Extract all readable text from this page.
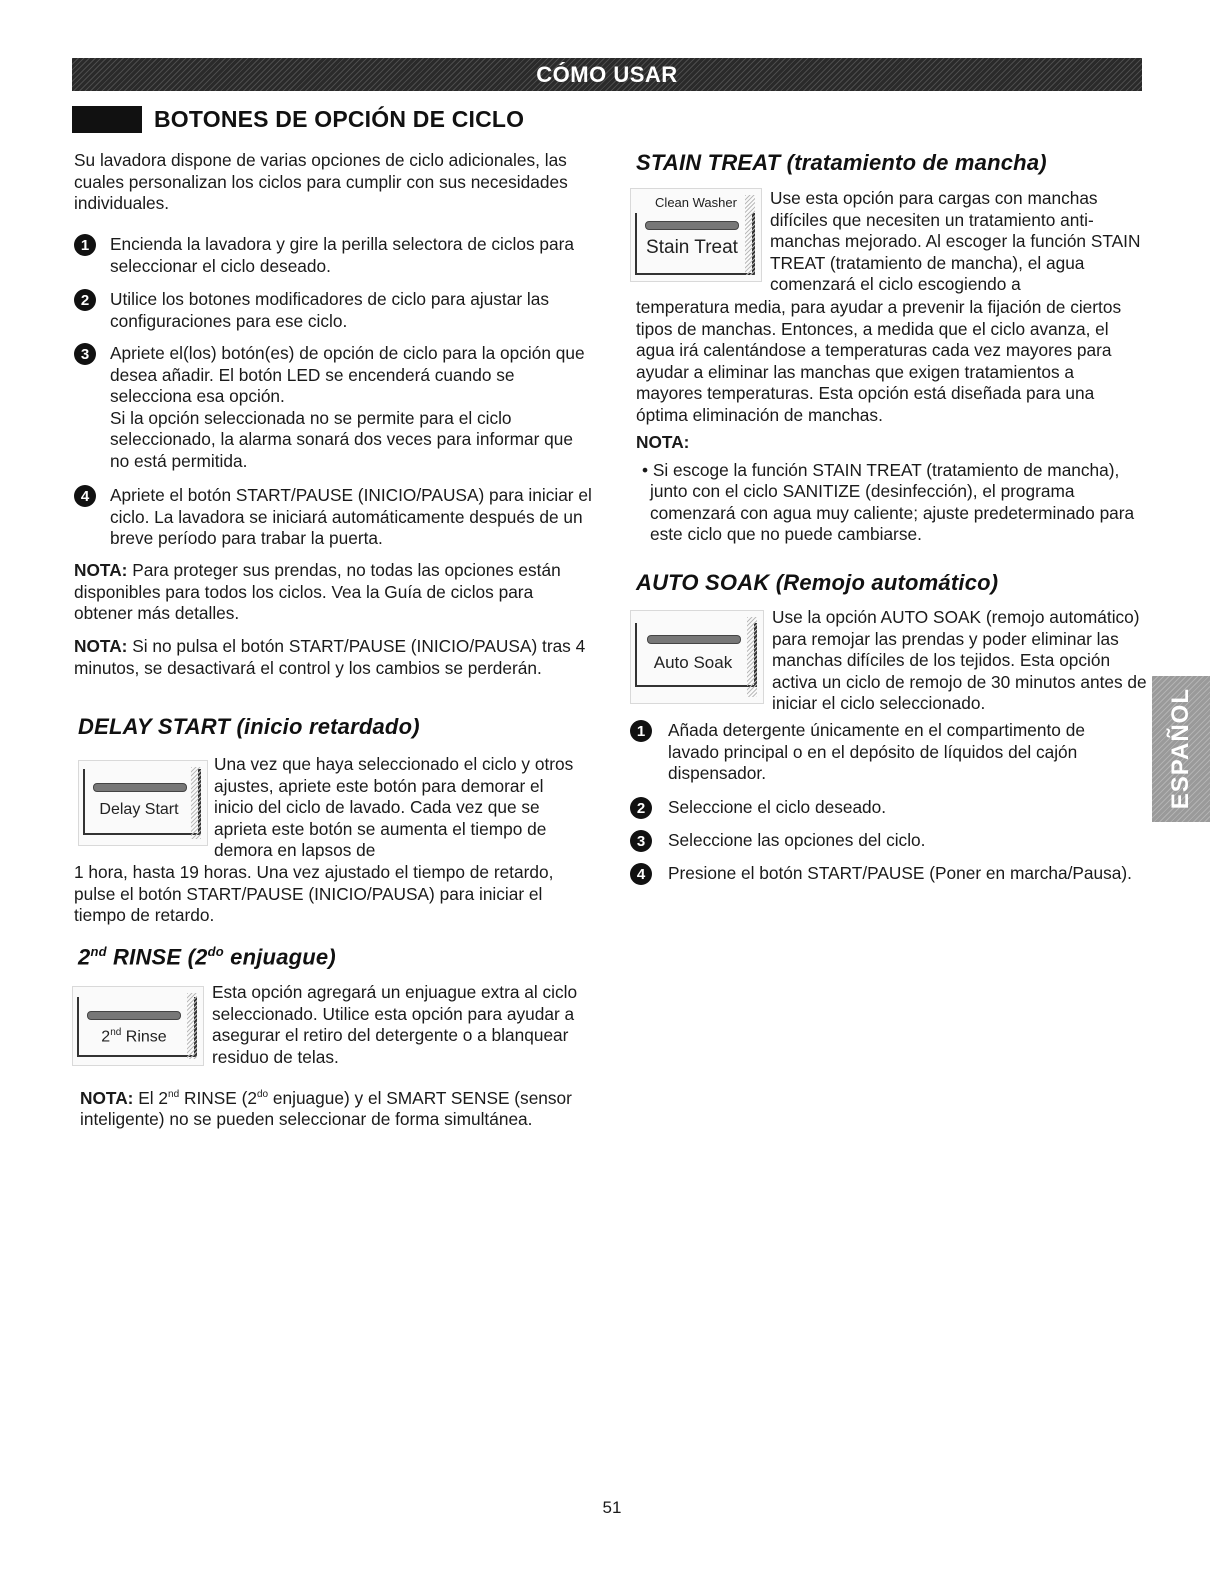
CÓMO USAR
BOTONES DE OPCIÓN DE CICLO

Su lavadora dispone de varias opciones de ciclo adicionales, las cuales personalizan los ciclos para cumplir con sus necesidades individuales.

1	Encienda la lavadora y gire la perilla selectora de ciclos para seleccionar el ciclo deseado.

2	Utilice los botones modificadores de ciclo para ajustar las configuraciones para ese ciclo.

3	Apriete el(los) botón(es) de opción de ciclo para la opción que desea añadir. El botón LED se encenderá cuando se selecciona esa opción.

Si la opción seleccionada no se permite para el ciclo seleccionado, la alarma sonará dos veces para informar que no está permitida.

4	Apriete el botón START/PAUSE (INICIO/PAUSA) para iniciar el ciclo. La lavadora se iniciará automáticamente después de un breve período para trabar la puerta.

NOTA: Para proteger sus prendas, no todas las opciones están disponibles para todos los ciclos. Vea la Guía de ciclos para obtener más detalles.

NOTA: Si no pulsa el botón START/PAUSE (INICIO/PAUSA) tras 4 minutos, se desactivará el control y los cambios se perderán.

DELAY START (inicio retardado)
Delay Start

Una vez que haya seleccionado el ciclo y otros ajustes, apriete este botón para demorar el inicio del ciclo de lavado. Cada vez que se aprieta este botón se aumenta el tiempo de demora en lapsos de

1 hora, hasta 19 horas. Una vez ajustado el tiempo de retardo, pulse el botón START/PAUSE (INICIO/PAUSA) para iniciar el tiempo de retardo.

2nd RINSE ($2^{do}$ enjuague)
2nd Rinse

Esta opción agregará un enjuague extra al ciclo seleccionado. Utilice esta opción para ayudar a asegurar el retiro del detergente o a blanquear residuo de telas.

NOTA: El 2nd RINSE ($2^{do}$ enjuague) y el SMART SENSE (sensor inteligente) no se pueden seleccionar de forma simultánea.

STAIN TREAT (tratamiento de mancha)
Clean Washer
Stain Treat

Use esta opción para cargas con manchas difíciles que necesiten un tratamiento anti-manchas mejorado. Al escoger la función STAIN TREAT (tratamiento de mancha), el agua comenzará el ciclo escogiendo a

temperatura media, para ayudar a prevenir la fijación de ciertos tipos de manchas. Entonces, a medida que el ciclo avanza, el agua irá calentándose a temperaturas cada vez mayores para ayudar a eliminar las manchas que exigen tratamientos a mayores temperaturas. Esta opción está diseñada para una óptima eliminación de manchas.

NOTA:

• Si escoge la función STAIN TREAT (tratamiento de mancha), junto con el ciclo SANITIZE (desinfección), el programa comenzará con agua muy caliente; ajuste predeterminado para este ciclo que no puede cambiarse.

AUTO SOAK (Remojo automático)
Auto Soak

Use la opción AUTO SOAK (remojo automático) para remojar las prendas y poder eliminar las manchas difíciles de los tejidos. Esta opción activa un ciclo de remojo de 30 minutos antes de iniciar el ciclo seleccionado.

1	Añada detergente únicamente en el compartimento de lavado principal o en el depósito de líquidos del cajón dispensador.

2	Seleccione el ciclo deseado.

3	Seleccione las opciones del ciclo.

4	Presione el botón START/PAUSE (Poner en marcha/Pausa).

ESPAÑOL
51
